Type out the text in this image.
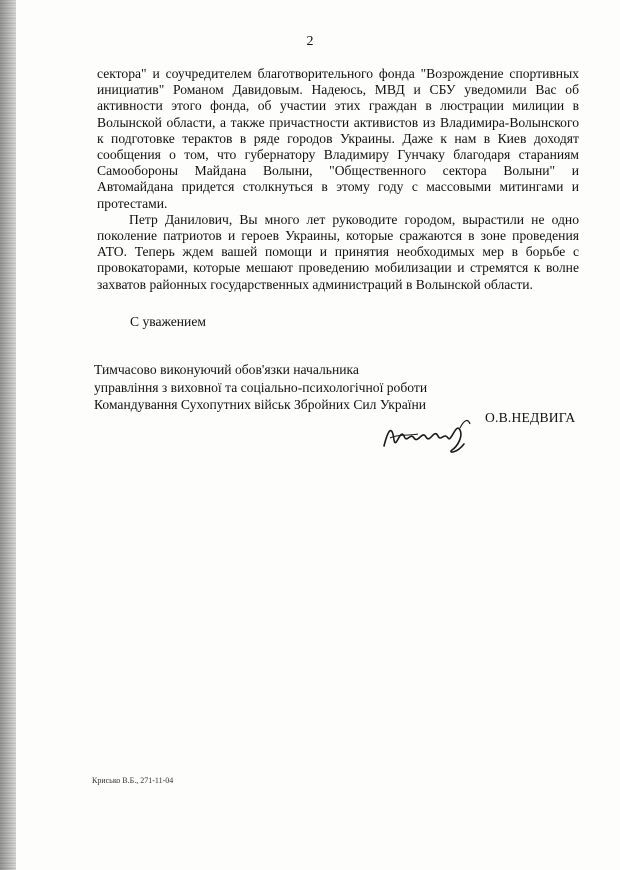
2

сектора" и соучредителем благотворительного фонда "Возрождение спортивных инициатив" Романом Давидовым. Надеюсь, МВД и СБУ уведомили Вас об активности этого фонда, об участии этих граждан в люстрации милиции в Волынской области, а также причастности активистов из Владимира-Волынского к подготовке терактов в ряде городов Украины. Даже к нам в Киев доходят сообщения о том, что губернатору Владимиру Гунчаку благодаря стараниям Самообороны Майдана Волыни, "Общественного сектора Волыни" и Автомайдана придется столкнуться в этому году с массовыми митингами и протестами.

Петр Данилович, Вы много лет руководите городом, вырастили не одно поколение патриотов и героев Украины, которые сражаются в зоне проведения АТО. Теперь ждем вашей помощи и принятия необходимых мер в борьбе с провокаторами, которые мешают проведению мобилизации и стремятся к волне захватов районных государственных администраций в Волынской области.

С уважением
Тимчасово виконуючий обов'язки начальника
управління з виховної та соціально-психологічної роботи
Командування Сухопутних військ Збройних Сил України
О.В.НЕДВИГА
Крисько В.Б., 271-11-04
